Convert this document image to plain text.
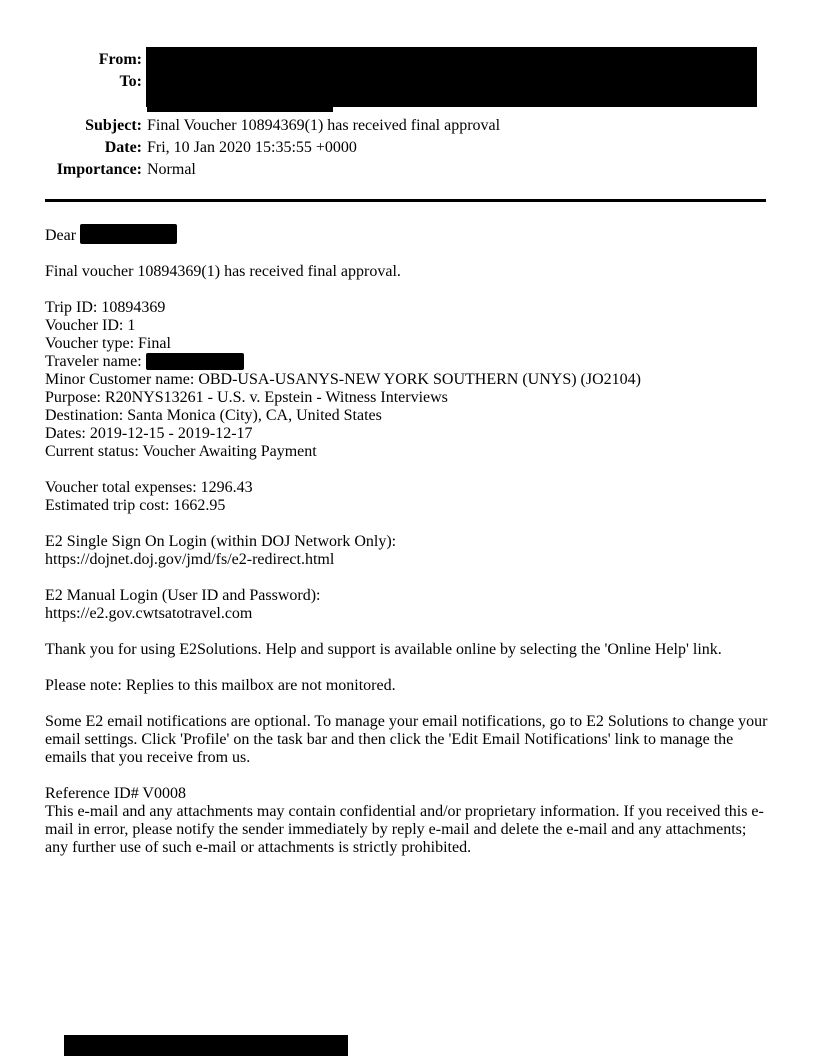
From:
To:
Subject: Final Voucher 10894369(1) has received final approval
Date: Fri, 10 Jan 2020 15:35:55 +0000
Importance: Normal
Dear
Final voucher 10894369(1) has received final approval.
Trip ID: 10894369
Voucher ID: 1
Voucher type: Final
Traveler name:
Minor Customer name: OBD-USA-USANYS-NEW YORK SOUTHERN (UNYS) (JO2104)
Purpose: R20NYS13261 - U.S. v. Epstein - Witness Interviews
Destination: Santa Monica (City), CA, United States
Dates: 2019-12-15 - 2019-12-17
Current status: Voucher Awaiting Payment
Voucher total expenses: 1296.43
Estimated trip cost: 1662.95
E2 Single Sign On Login (within DOJ Network Only):
https://dojnet.doj.gov/jmd/fs/e2-redirect.html
E2 Manual Login (User ID and Password):
https://e2.gov.cwtsatotravel.com
Thank you for using E2Solutions. Help and support is available online by selecting the 'Online Help' link.
Please note: Replies to this mailbox are not monitored.
Some E2 email notifications are optional. To manage your email notifications, go to E2 Solutions to change your
email settings. Click 'Profile' on the task bar and then click the 'Edit Email Notifications' link to manage the
emails that you receive from us.
Reference ID# V0008
This e-mail and any attachments may contain confidential and/or proprietary information. If you received this e-
mail in error, please notify the sender immediately by reply e-mail and delete the e-mail and any attachments;
any further use of such e-mail or attachments is strictly prohibited.
